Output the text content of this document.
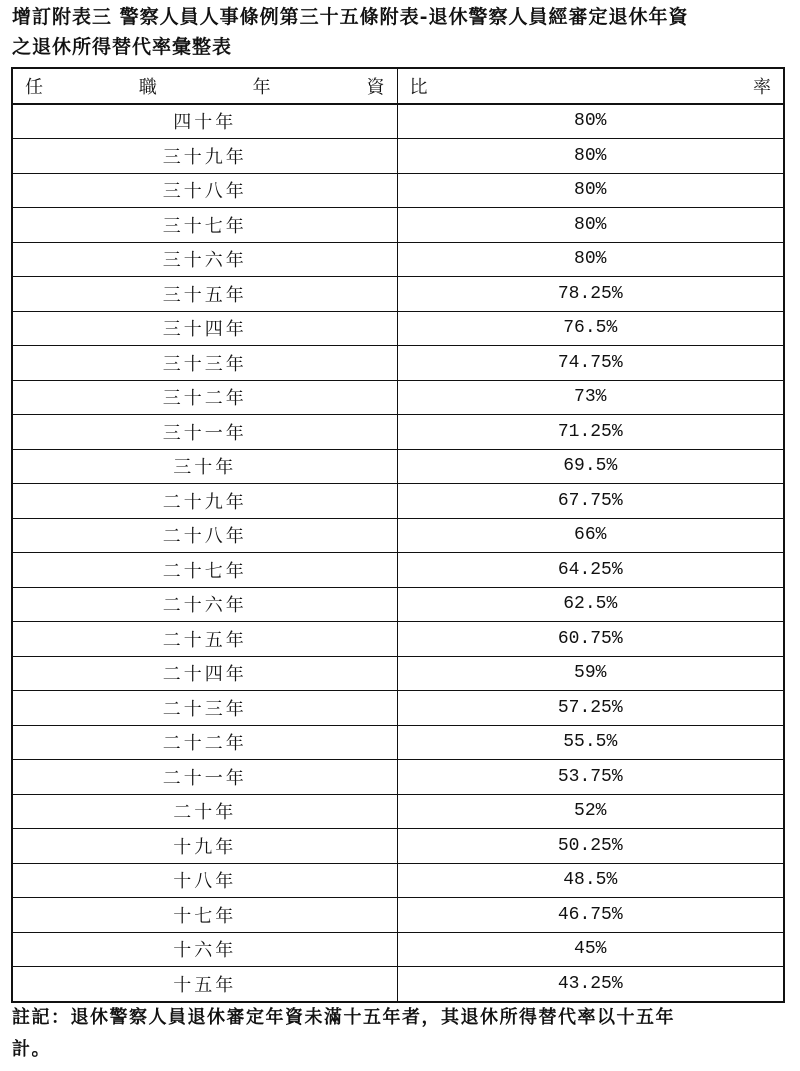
增訂附表三 警察人員人事條例第三十五條附表-退休警察人員經審定退休年資
之退休所得替代率彙整表
任 職 年 資	比 率

四十年	80%
三十九年	80%
三十八年	80%
三十七年	80%
三十六年	80%
三十五年	78.25%
三十四年	76.5%
三十三年	74.75%
三十二年	73%
三十一年	71.25%
三十年	69.5%
二十九年	67.75%
二十八年	66%
二十七年	64.25%
二十六年	62.5%
二十五年	60.75%
二十四年	59%
二十三年	57.25%
二十二年	55.5%
二十一年	53.75%
二十年	52%
十九年	50.25%
十八年	48.5%
十七年	46.75%
十六年	45%
十五年	43.25%
註記：退休警察人員退休審定年資未滿十五年者，其退休所得替代率以十五年
計。
